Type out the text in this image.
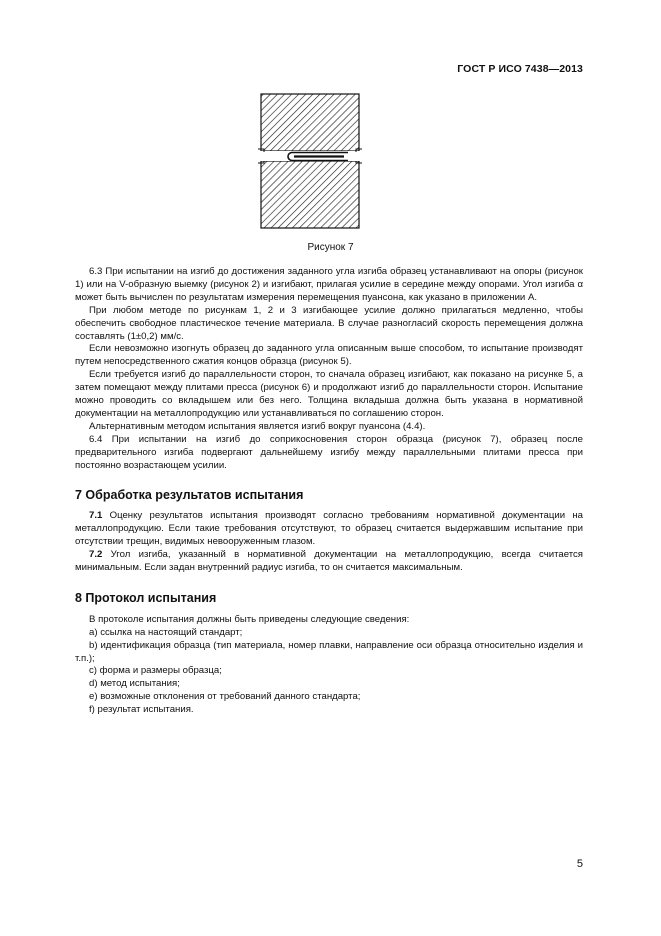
ГОСТ Р ИСО 7438—2013
Рисунок 7

6.3 При испытании на изгиб до достижения заданного угла изгиба образец устанавливают на опоры (рисунок 1) или на V-образную выемку (рисунок 2) и изгибают, прилагая усилие в середине между опорами. Угол изгиба α может быть вычислен по результатам измерения перемещения пуансона, как указано в приложении А.

При любом методе по рисункам 1, 2 и 3 изгибающее усилие должно прилагаться медленно, чтобы обеспечить свободное пластическое течение материала. В случае разногласий скорость перемещения должна составлять (1±0,2) мм/с.

Если невозможно изогнуть образец до заданного угла описанным выше способом, то испытание производят путем непосредственного сжатия концов образца (рисунок 5).

Если требуется изгиб до параллельности сторон, то сначала образец изгибают, как показано на рисунке 5, а затем помещают между плитами пресса (рисунок 6) и продолжают изгиб до параллельности сторон. Испытание можно проводить со вкладышем или без него. Толщина вкладыша должна быть указана в нормативной документации на металлопродукцию или устанавливаться по соглашению сторон.

Альтернативным методом испытания является изгиб вокруг пуансона (4.4).

6.4 При испытании на изгиб до соприкосновения сторон образца (рисунок 7), образец после предварительного изгиба подвергают дальнейшему изгибу между параллельными плитами пресса при постоянно возрастающем усилии.

7 Обработка результатов испытания

7.1 Оценку результатов испытания производят согласно требованиям нормативной документации на металлопродукцию. Если такие требования отсутствуют, то образец считается выдержавшим испытание при отсутствии трещин, видимых невооруженным глазом.

7.2 Угол изгиба, указанный в нормативной документации на металлопродукцию, всегда считается минимальным. Если задан внутренний радиус изгиба, то он считается максимальным.

8 Протокол испытания

В протоколе испытания должны быть приведены следующие сведения:

a) ссылка на настоящий стандарт;

b) идентификация образца (тип материала, номер плавки, направление оси образца относительно изделия и т.п.);

c) форма и размеры образца;

d) метод испытания;

e) возможные отклонения от требований данного стандарта;

f) результат испытания.

5
